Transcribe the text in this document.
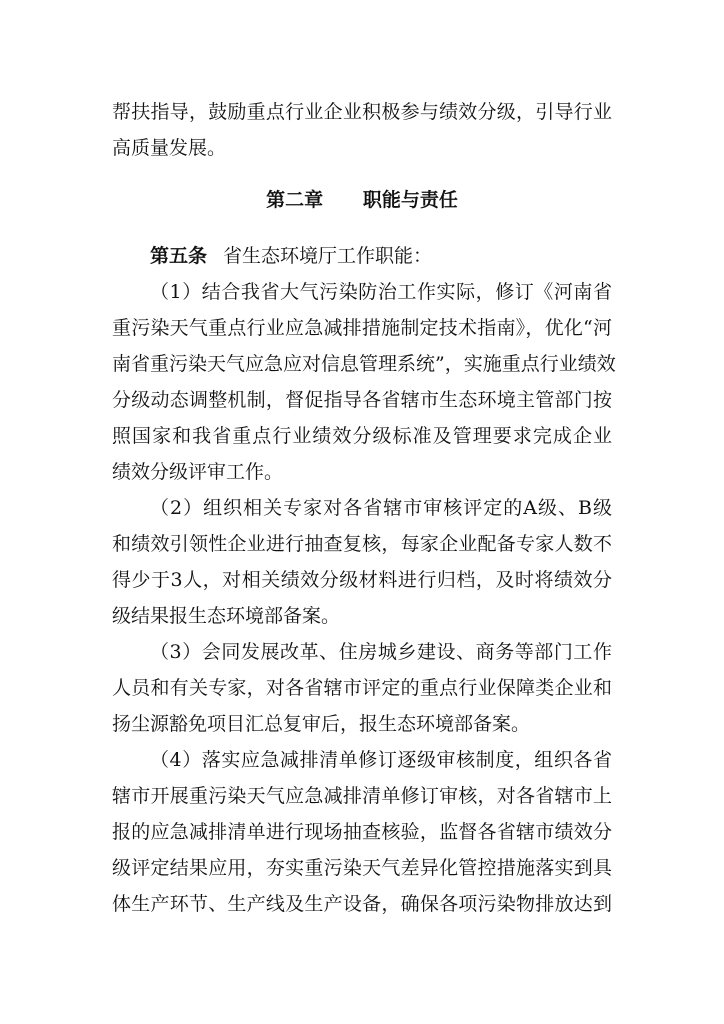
帮扶指导，鼓励重点行业企业积极参与绩效分级，引导行业
高质量发展。
第二章 职能与责任
第五条 省生态环境厅工作职能：
（1）结合我省大气污染防治工作实际，修订《河南省
重污染天气重点行业应急减排措施制定技术指南》，优化“河
南省重污染天气应急应对信息管理系统”，实施重点行业绩效
分级动态调整机制，督促指导各省辖市生态环境主管部门按
照国家和我省重点行业绩效分级标准及管理要求完成企业
绩效分级评审工作。
（2）组织相关专家对各省辖市审核评定的A级、B级
和绩效引领性企业进行抽查复核，每家企业配备专家人数不
得少于3人，对相关绩效分级材料进行归档，及时将绩效分
级结果报生态环境部备案。
（3）会同发展改革、住房城乡建设、商务等部门工作
人员和有关专家，对各省辖市评定的重点行业保障类企业和
扬尘源豁免项目汇总复审后，报生态环境部备案。
（4）落实应急减排清单修订逐级审核制度，组织各省
辖市开展重污染天气应急减排清单修订审核，对各省辖市上
报的应急减排清单进行现场抽查核验，监督各省辖市绩效分
级评定结果应用，夯实重污染天气差异化管控措施落实到具
体生产环节、生产线及生产设备，确保各项污染物排放达到
